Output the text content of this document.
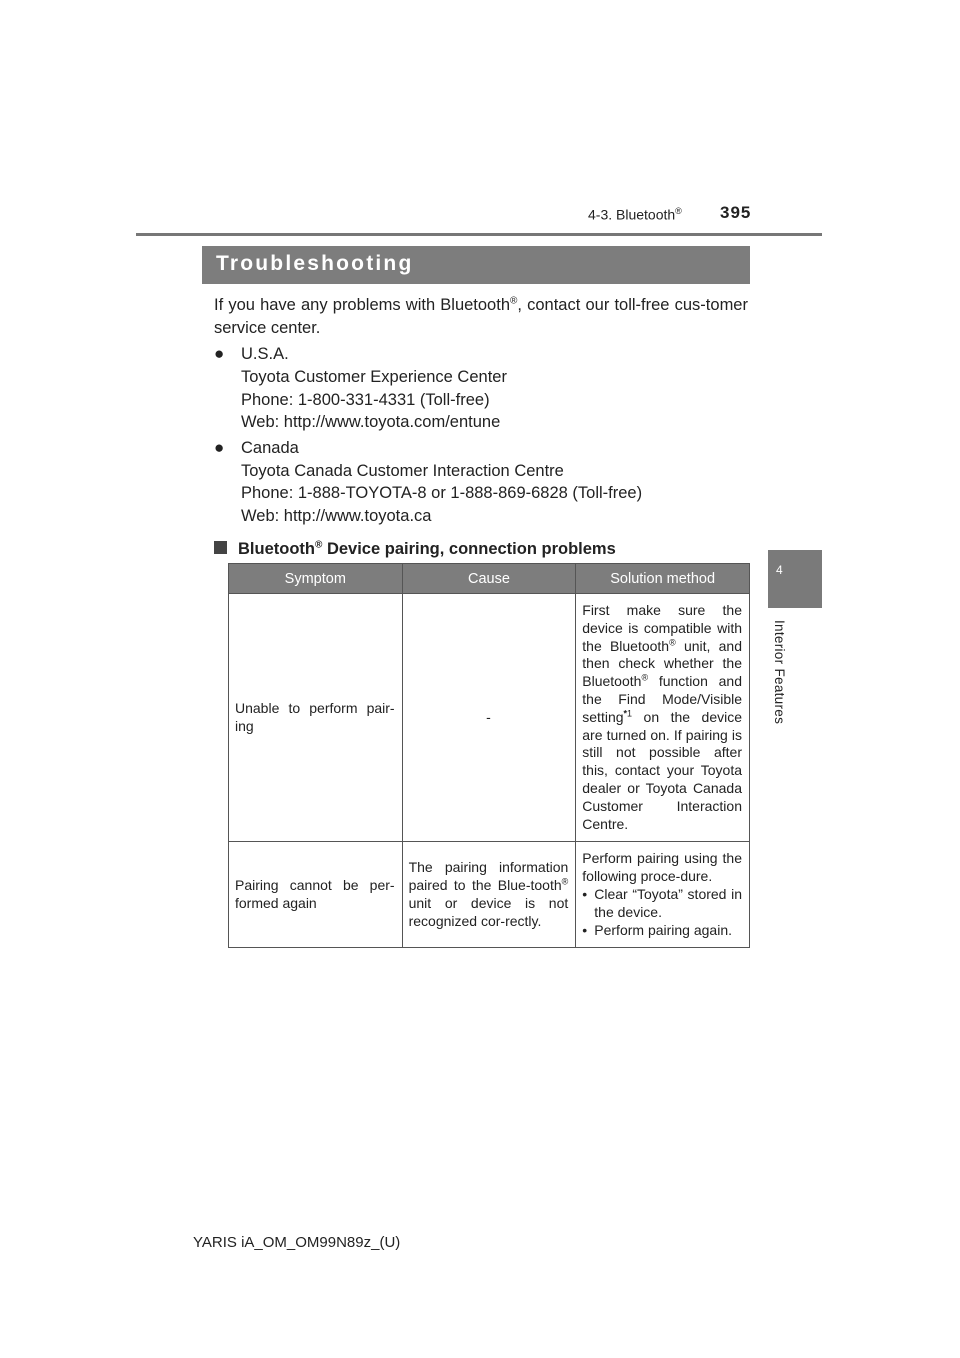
4-3. Bluetooth® 395
4
Interior Features
Troubleshooting
If you have any problems with Bluetooth®, contact our toll-free cus-tomer service center.
● U.S.A.
Toyota Customer Experience Center
Phone: 1-800-331-4331 (Toll-free)
Web: http://www.toyota.com/entune
● Canada
Toyota Canada Customer Interaction Centre
Phone: 1-888-TOYOTA-8 or 1-888-869-6828 (Toll-free)
Web: http://www.toyota.ca
Bluetooth® Device pairing, connection problems
Symptom	Cause	Solution method
Unable to perform pair-ing	-	First make sure the device is compatible with the Bluetooth® unit, and then check whether the Bluetooth® function and the Find Mode/Visible setting$^{*1}$ on the device are turned on. If pairing is still not possible after this, contact your Toyota dealer or Toyota Canada Customer Interaction Centre.
Pairing cannot be per-formed again	The pairing information paired to the Blue-tooth® unit or device is not recognized cor-rectly.	Perform pairing using the following proce-dure.
• Clear “Toyota” stored in the device.
• Perform pairing again.
YARIS iA_OM_OM99N89z_(U)
